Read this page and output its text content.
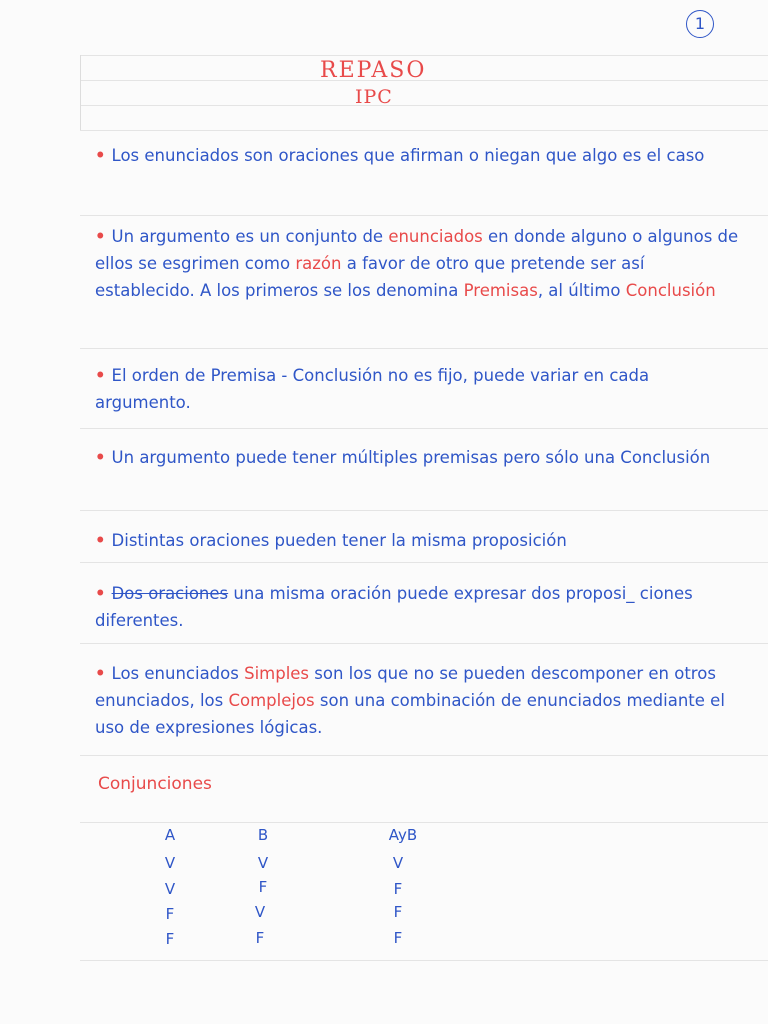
1
REPASO
IPC
• Los enunciados son oraciones que afirman o niegan que algo es el caso
• Un argumento es un conjunto de enunciados en donde alguno o algunos de ellos se esgrimen como razón a favor de otro que pretende ser así establecido. A los primeros se los denomina Premisas, al último Conclusión
• El orden de Premisa - Conclusión no es fijo, puede variar en cada argumento.
• Un argumento puede tener múltiples premisas pero sólo una Conclusión
• Distintas oraciones pueden tener la misma proposición
• Dos oraciones una misma oración puede expresar dos proposi_ ciones diferentes.
• Los enunciados Simples son los que no se pueden descomponer en otros enunciados, los Complejos son una combinación de enunciados mediante el uso de expresiones lógicas.
Conjunciones
A	B	AyB
V	V	V
V	F	F
F	V	F
F	F	F
